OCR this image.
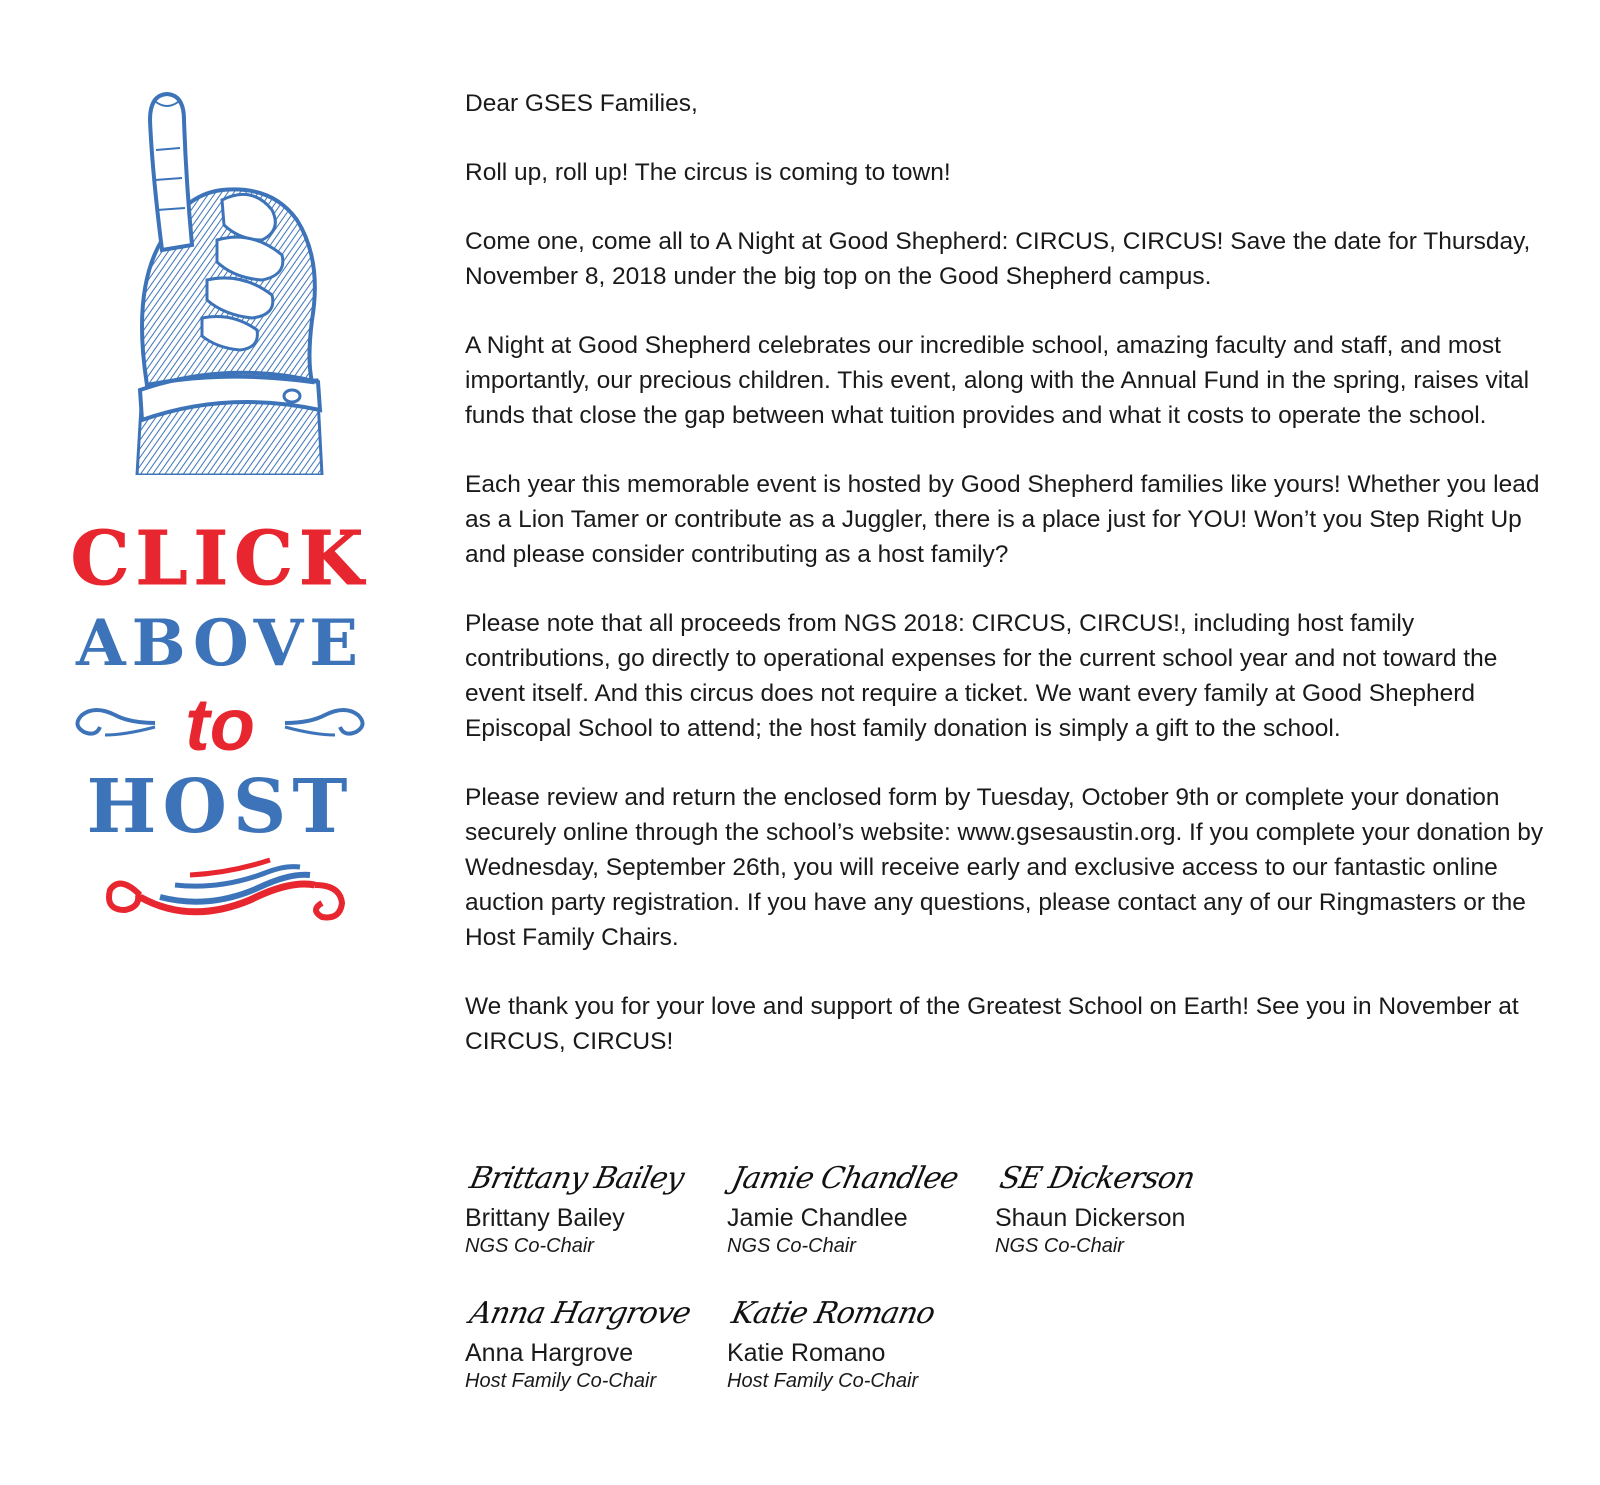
CLICK
ABOVE
to
HOST

Dear GSES Families,

Roll up, roll up! The circus is coming to town!

Come one, come all to A Night at Good Shepherd: CIRCUS, CIRCUS! Save the date for Thursday, November 8, 2018 under the big top on the Good Shepherd campus.

A Night at Good Shepherd celebrates our incredible school, amazing faculty and staff, and most importantly, our precious children. This event, along with the Annual Fund in the spring, raises vital funds that close the gap between what tuition provides and what it costs to operate the school.

Each year this memorable event is hosted by Good Shepherd families like yours! Whether you lead as a Lion Tamer or contribute as a Juggler, there is a place just for YOU! Won’t you Step Right Up and please consider contributing as a host family?

Please note that all proceeds from NGS 2018: CIRCUS, CIRCUS!, including host family contributions, go directly to operational expenses for the current school year and not toward the event itself. And this circus does not require a ticket. We want every family at Good Shepherd Episcopal School to attend; the host family donation is simply a gift to the school.

Please review and return the enclosed form by Tuesday, October 9th or complete your donation securely online through the school’s website: www.gsesaustin.org. If you complete your donation by Wednesday, September 26th, you will receive early and exclusive access to our fantastic online auction party registration. If you have any questions, please contact any of our Ringmasters or the Host Family Chairs.

We thank you for your love and support of the Greatest School on Earth! See you in November at CIRCUS, CIRCUS!

Brittany Bailey
Brittany Bailey
NGS Co-Chair
Jamie Chandlee
Jamie Chandlee
NGS Co-Chair
SE Dickerson
Shaun Dickerson
NGS Co-Chair
Anna Hargrove
Anna Hargrove
Host Family Co-Chair
Katie Romano
Katie Romano
Host Family Co-Chair
